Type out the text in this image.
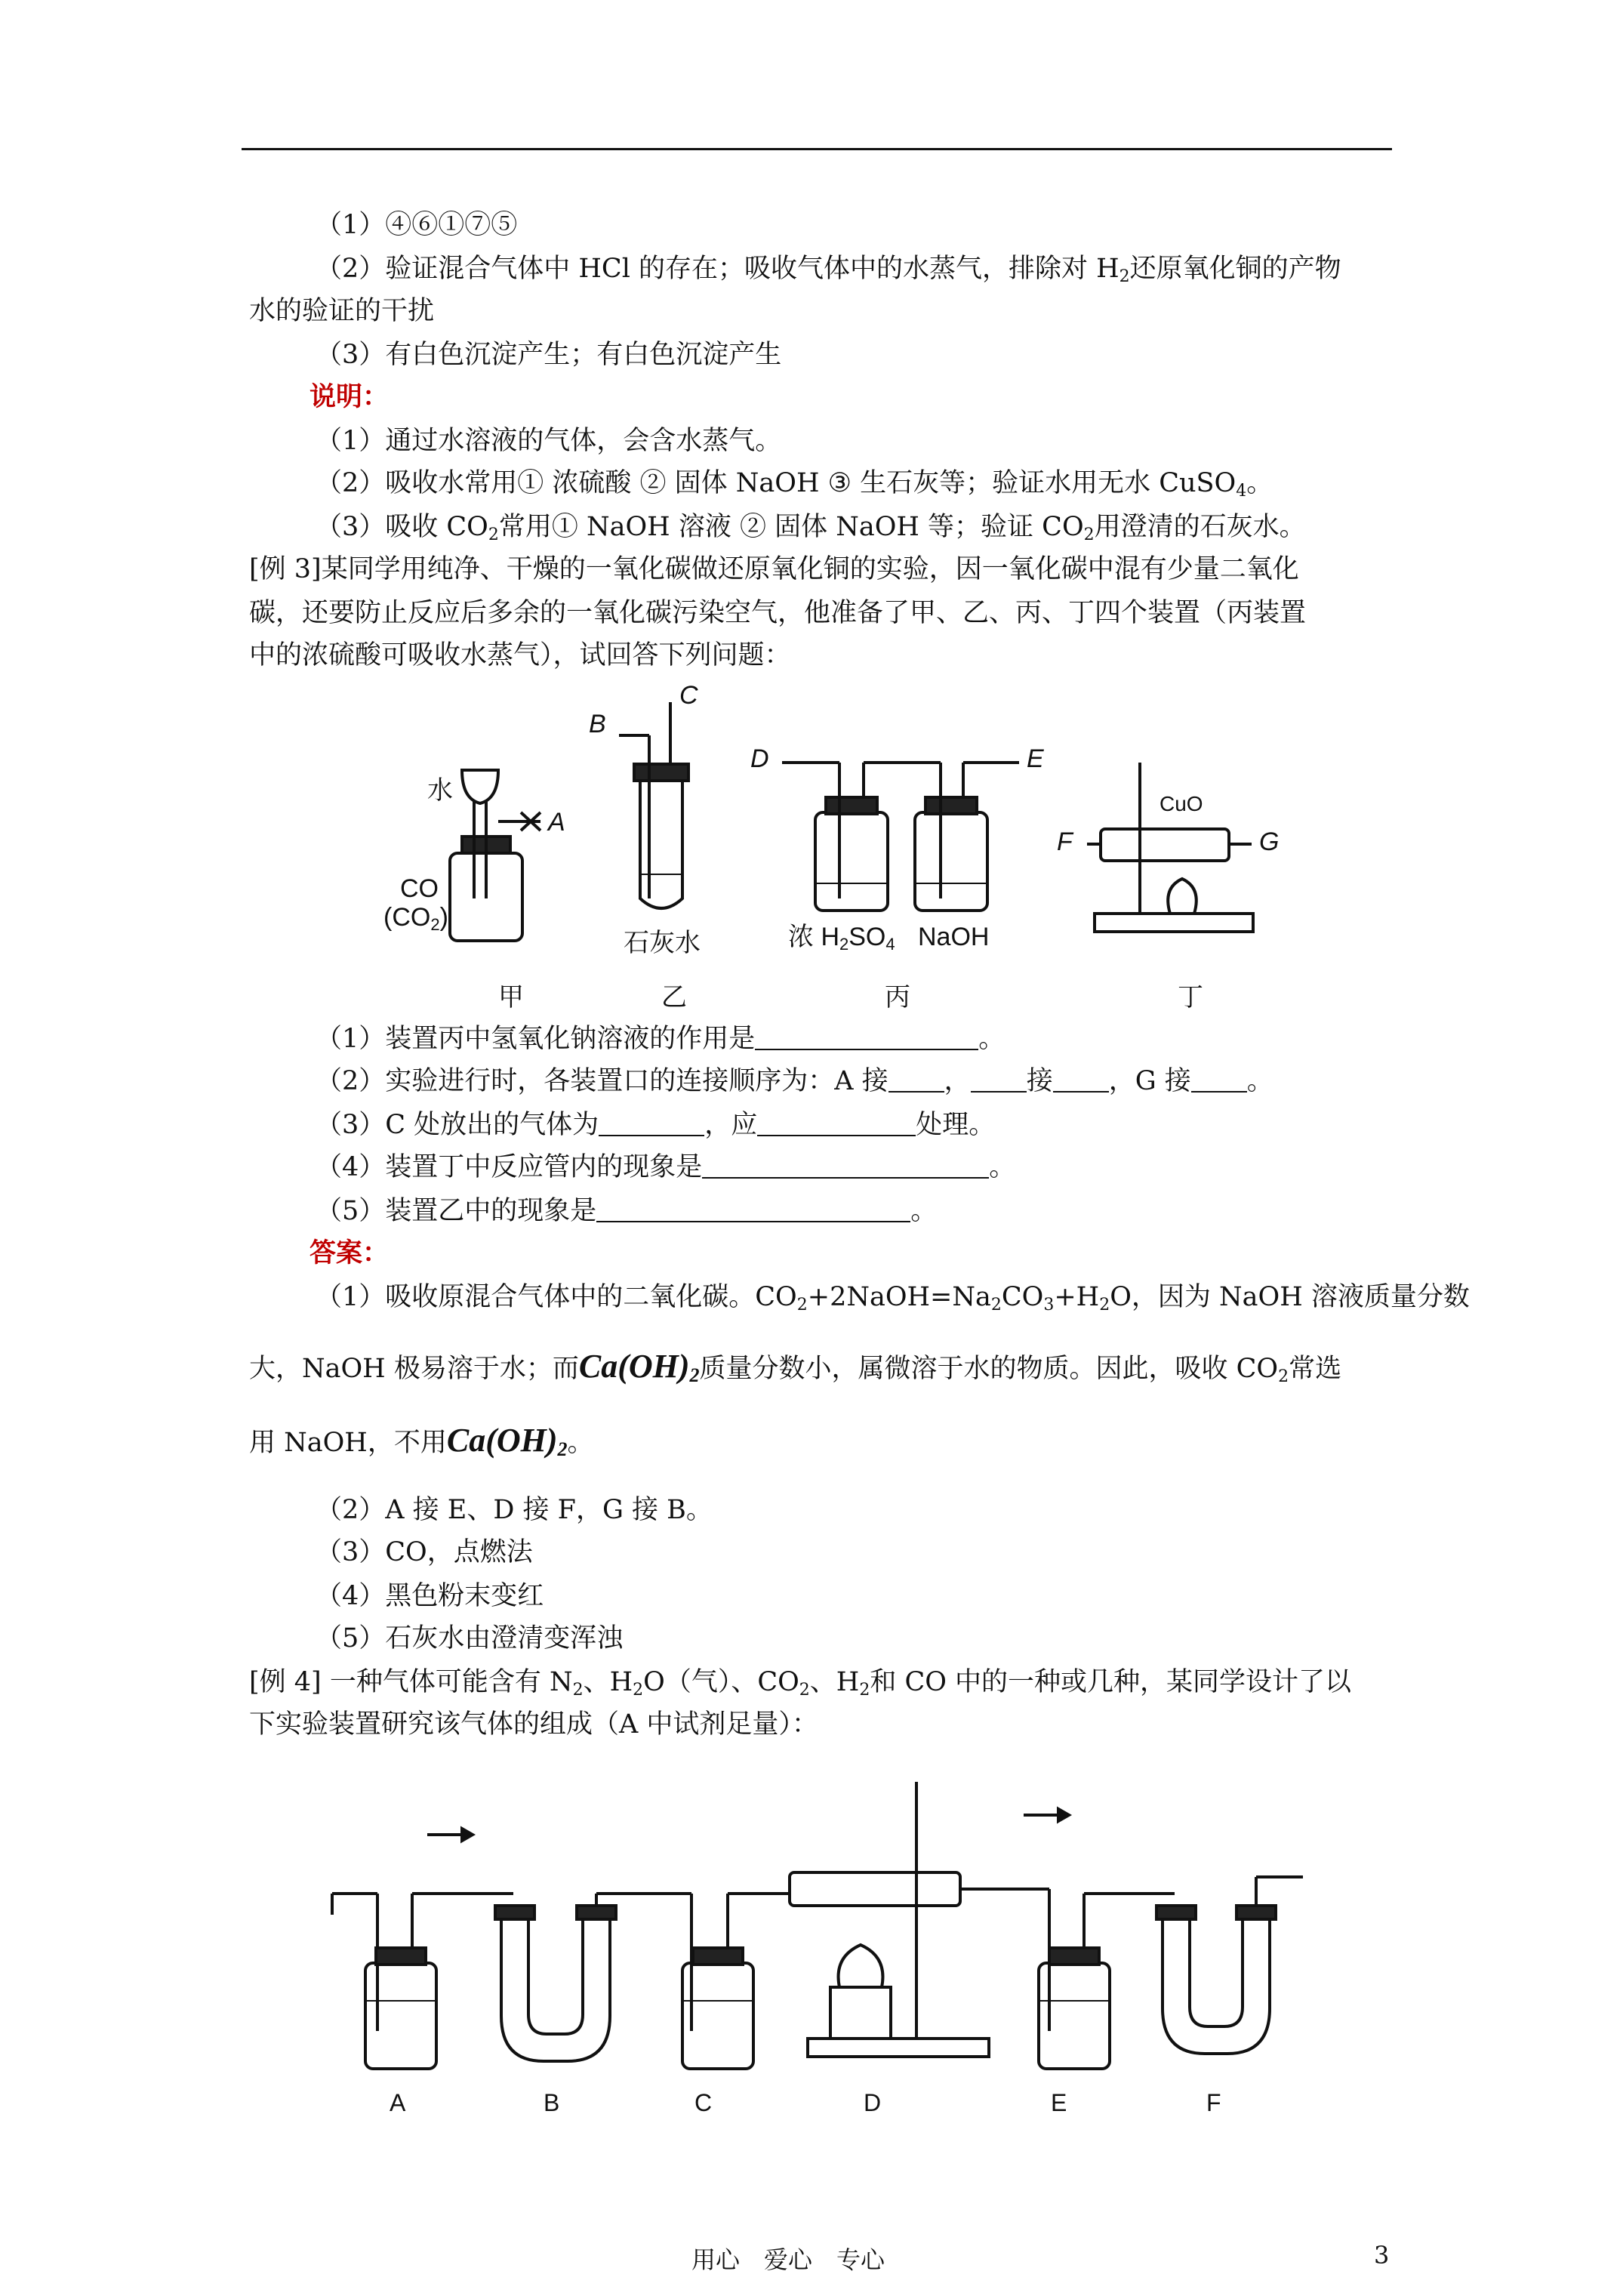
（1）④⑥①⑦⑤
（2）验证混合气体中 HCl 的存在；吸收气体中的水蒸气，排除对 $H_2$还原氧化铜的产物
水的验证的干扰
（3）有白色沉淀产生；有白色沉淀产生
说明：
（1）通过水溶液的气体，会含水蒸气。
（2）吸收水常用① 浓硫酸 ② 固体 NaOH ③ 生石灰等；验证水用无水 CuSO$_4$。
（3）吸收 $CO_2$常用① NaOH 溶液 ② 固体 NaOH 等；验证 $CO_2$用澄清的石灰水。
[例 3]某同学用纯净、干燥的一氧化碳做还原氧化铜的实验，因一氧化碳中混有少量二氧化
碳，还要防止反应后多余的一氧化碳污染空气，他准备了甲、乙、丙、丁四个装置（丙装置
中的浓硫酸可吸收水蒸气），试回答下列问题：
水
A
B
C
D	E
F	G
CO
(CO2)
石灰水	浓 H2SO4 NaOH
CuO
甲	乙	丙	丁
（1）装置丙中氢氧化钠溶液的作用是	。
（2）实验进行时，各装置口的连接顺序为：A 接 ， 接 ，G 接 。
（3）C 处放出的气体为	，应	处理。
（4）装置丁中反应管内的现象是	。
（5）装置乙中的现象是	。
答案：
（1）吸收原混合气体中的二氧化碳。$CO_2+2NaOH=Na_2CO_3+H_2O$，因为 NaOH 溶液质量分数
大，NaOH 极易溶于水；而$Ca(OH)_2$质量分数小，属微溶于水的物质。因此，吸收 $CO_2$常选
用 NaOH，不用$Ca(OH)_2$。
（2）A 接 E、D 接 F，G 接 B。
（3）CO，点燃法
（4）黑色粉末变红
（5）石灰水由澄清变浑浊
[例 4] 一种气体可能含有 $N_2$、$H_2O$（气）、$CO_2$、$H_2$和 CO 中的一种或几种，某同学设计了以
下实验装置研究该气体的组成（A 中试剂足量）：
A	B	C	D	E	F
用心　爱心　专心	3
